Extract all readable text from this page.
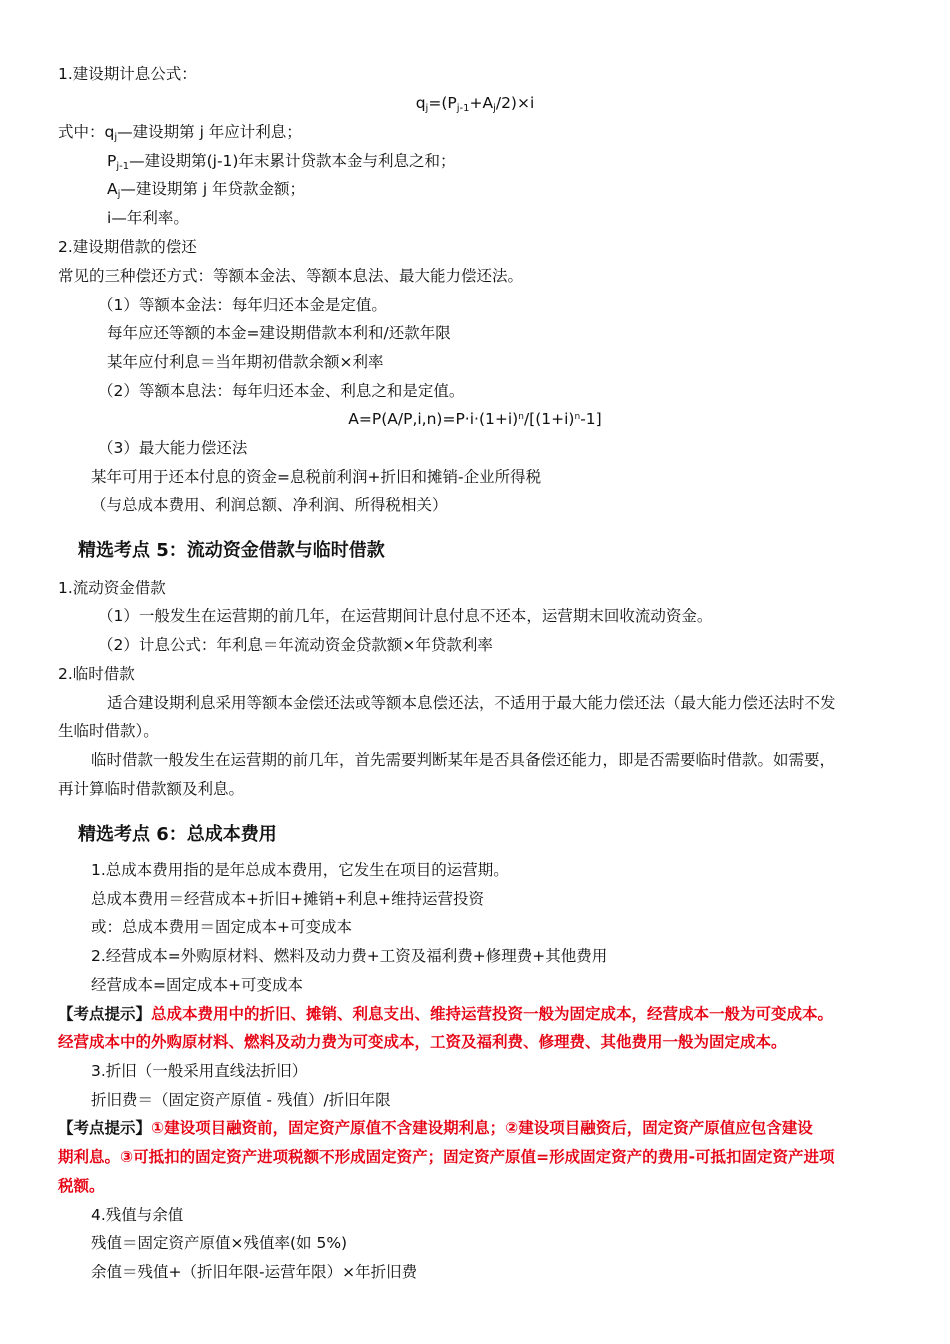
1.建设期计息公式：
$q_j=(P_{j-1}+A_j/2)\times i$
式中：$q_j—$建设期第 j 年应计利息；
$P_{j-1}—$建设期第(j-1)年末累计贷款本金与利息之和；
$A_j—$建设期第 j 年贷款金额；
i—年利率。
2.建设期借款的偿还
常见的三种偿还方式：等额本金法、等额本息法、最大能力偿还法。
（1）等额本金法：每年归还本金是定值。
每年应还等额的本金=建设期借款本利和/还款年限
某年应付利息＝当年期初借款余额×利率
（2）等额本息法：每年归还本金、利息之和是定值。
$A=P(A/P,i,n)=P\cdot i\cdot(1+i)^n/[(1+i)^n-1]$
（3）最大能力偿还法
某年可用于还本付息的资金=息税前利润+折旧和摊销-企业所得税
（与总成本费用、利润总额、净利润、所得税相关）
精选考点 5：流动资金借款与临时借款
1.流动资金借款
（1）一般发生在运营期的前几年，在运营期间计息付息不还本，运营期末回收流动资金。
（2）计息公式：年利息＝年流动资金贷款额×年贷款利率
2.临时借款
适合建设期利息采用等额本金偿还法或等额本息偿还法，不适用于最大能力偿还法（最大能力偿还法时不发
生临时借款）。
临时借款一般发生在运营期的前几年，首先需要判断某年是否具备偿还能力，即是否需要临时借款。如需要，
再计算临时借款额及利息。
精选考点 6：总成本费用
1.总成本费用指的是年总成本费用，它发生在项目的运营期。
总成本费用＝经营成本+折旧+摊销+利息+维持运营投资
或：总成本费用＝固定成本+可变成本
2.经营成本=外购原材料、燃料及动力费+工资及福利费+修理费+其他费用
经营成本=固定成本+可变成本
【考点提示】总成本费用中的折旧、摊销、利息支出、维持运营投资一般为固定成本，经营成本一般为可变成本。
经营成本中的外购原材料、燃料及动力费为可变成本，工资及福利费、修理费、其他费用一般为固定成本。
3.折旧（一般采用直线法折旧）
折旧费＝（固定资产原值 - 残值）/折旧年限
【考点提示】①建设项目融资前，固定资产原值不含建设期利息；②建设项目融资后，固定资产原值应包含建设
期利息。③可抵扣的固定资产进项税额不形成固定资产；固定资产原值=形成固定资产的费用-可抵扣固定资产进项
税额。
4.残值与余值
残值＝固定资产原值×残值率(如 5%)
余值＝残值+（折旧年限-运营年限）×年折旧费
